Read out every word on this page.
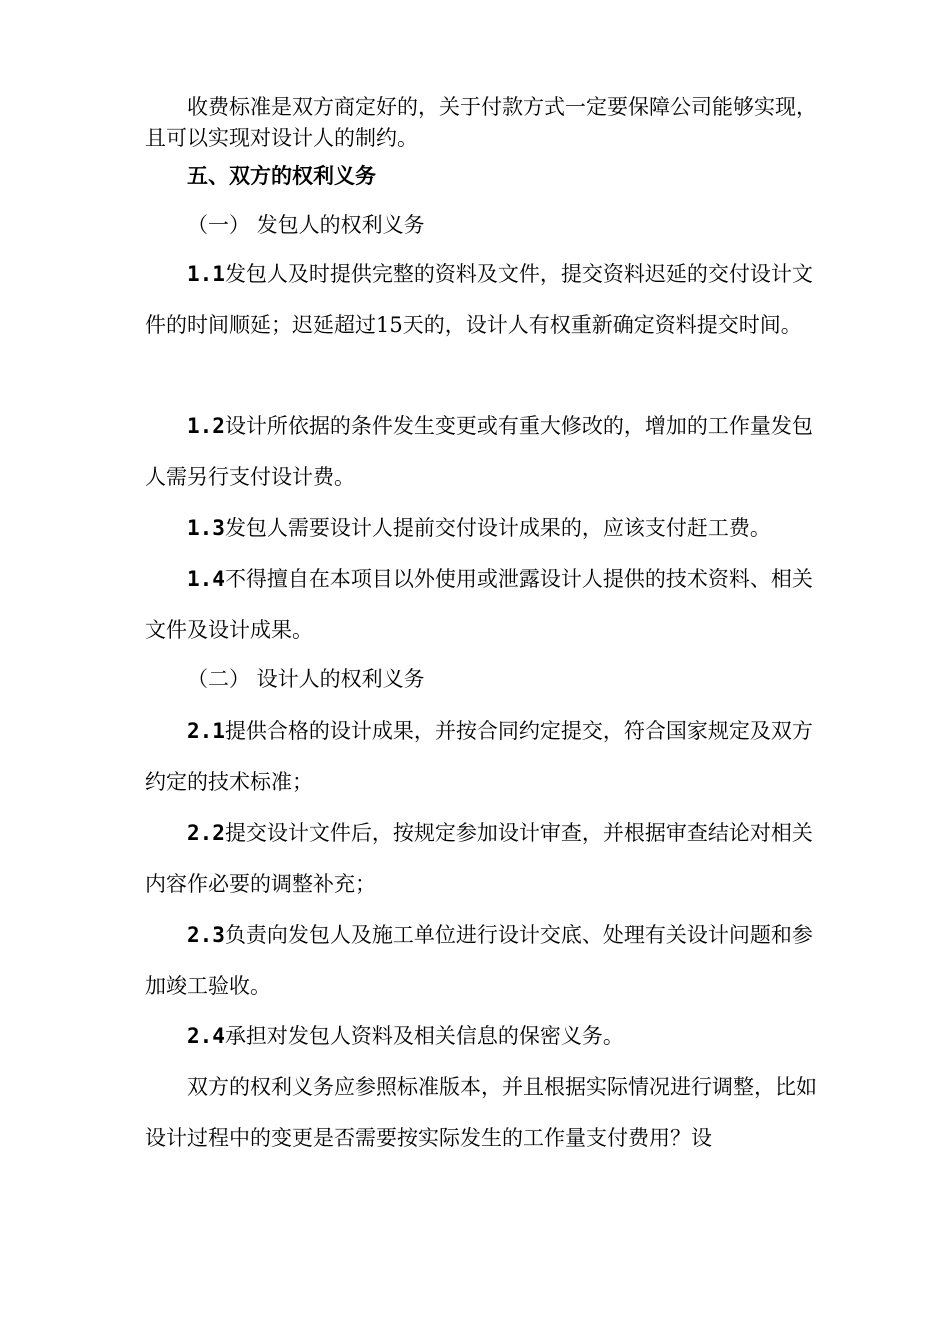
收费标准是双方商定好的，关于付款方式一定要保障公司能够实现，且可以实现对设计人的制约。

五、双方的权利义务

（一） 发包人的权利义务

1.1发包人及时提供完整的资料及文件，提交资料迟延的交付设计文件的时间顺延；迟延超过15天的，设计人有权重新确定资料提交时间。

1.2设计所依据的条件发生变更或有重大修改的，增加的工作量发包人需另行支付设计费。

1.3发包人需要设计人提前交付设计成果的，应该支付赶工费。

1.4不得擅自在本项目以外使用或泄露设计人提供的技术资料、相关文件及设计成果。

（二） 设计人的权利义务

2.1提供合格的设计成果，并按合同约定提交，符合国家规定及双方约定的技术标准；

2.2提交设计文件后，按规定参加设计审查，并根据审查结论对相关内容作必要的调整补充；

2.3负责向发包人及施工单位进行设计交底、处理有关设计问题和参加竣工验收。

2.4承担对发包人资料及相关信息的保密义务。

双方的权利义务应参照标准版本，并且根据实际情况进行调整，比如设计过程中的变更是否需要按实际发生的工作量支付费用？设
